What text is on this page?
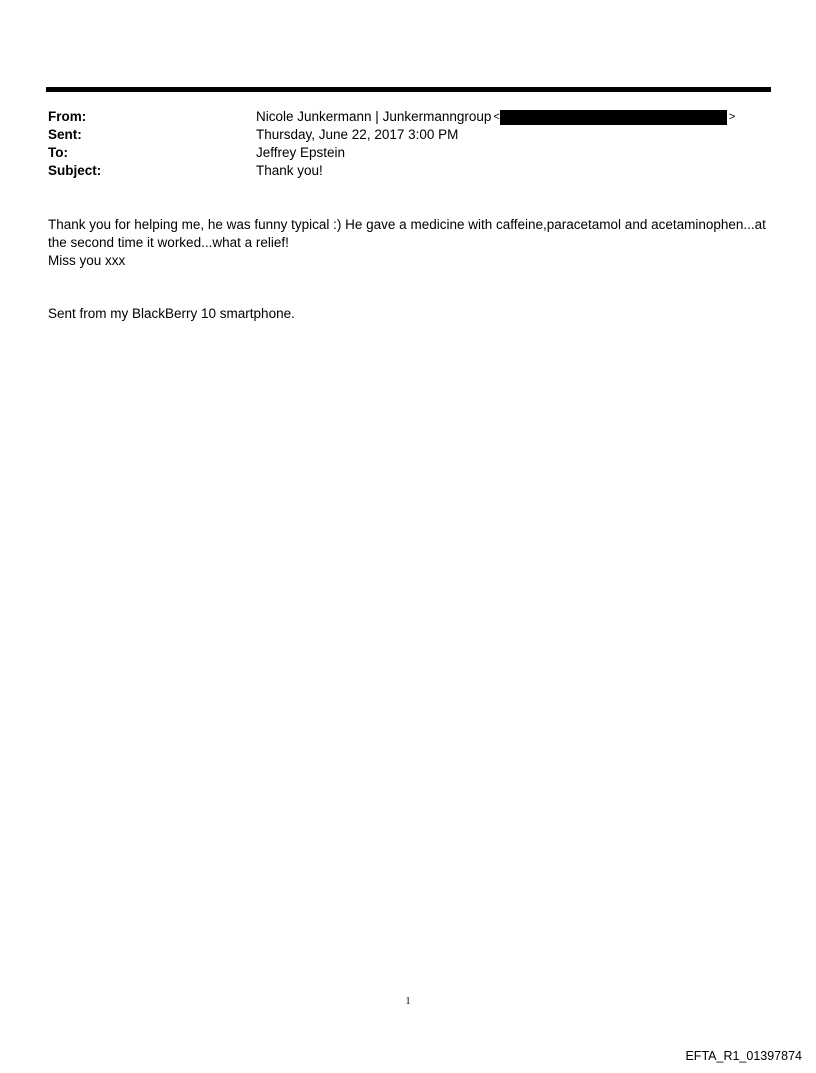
From:	Nicole Junkermann | Junkermanngroup <	>
Sent:	Thursday, June 22, 2017 3:00 PM
To:	Jeffrey Epstein
Subject:	Thank you!

Thank you for helping me, he was funny typical :) He gave a medicine with caffeine,paracetamol and acetaminophen...at the second time it worked...what a relief!

Miss you xxx

Sent from my BlackBerry 10 smartphone.
1
EFTA_R1_01397874
